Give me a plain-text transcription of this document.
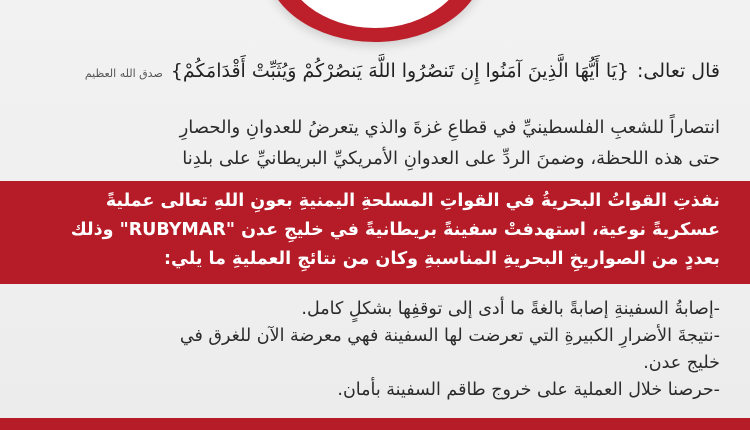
قال تعالى:
{يَا أَيُّهَا الَّذِينَ آمَنُوا إِن تَنصُرُوا اللَّهَ يَنصُرْكُمْ وَيُثَبِّتْ أَقْدَامَكُمْ}
صدق الله العظيم
انتصاراً للشعبِ الفلسطينيِّ في قطاعِ غزةَ والذي يتعرضُ للعدوانِ والحصارِ
حتى هذه اللحظة، وضمنَ الردِّ على العدوانِ الأمريكيِّ البريطانيِّ على بلدِنا
نفذتِ القواتُ البحريةُ في القواتِ المسلحةِ اليمنيةِ بعونِ اللهِ تعالى عمليةً
عسكريةً نوعية، استهدفتْ سفينةً بريطانيةً في خليجِ عدن "RUBYMAR" وذلك
بعددٍ من الصواريخِ البحريةِ المناسبةِ وكان من نتائجِ العمليةِ ما يلي:
-إصابةُ السفينةِ إصابةً بالغةً ما أدى إلى توقفِها بشكلٍ كامل.
-نتيجةَ الأضرارِ الكبيرةِ التي تعرضت لها السفينة فهي معرضة الآن للغرق في
خليج عدن.
-حرصنا خلال العملية على خروج طاقم السفينة بأمان.
